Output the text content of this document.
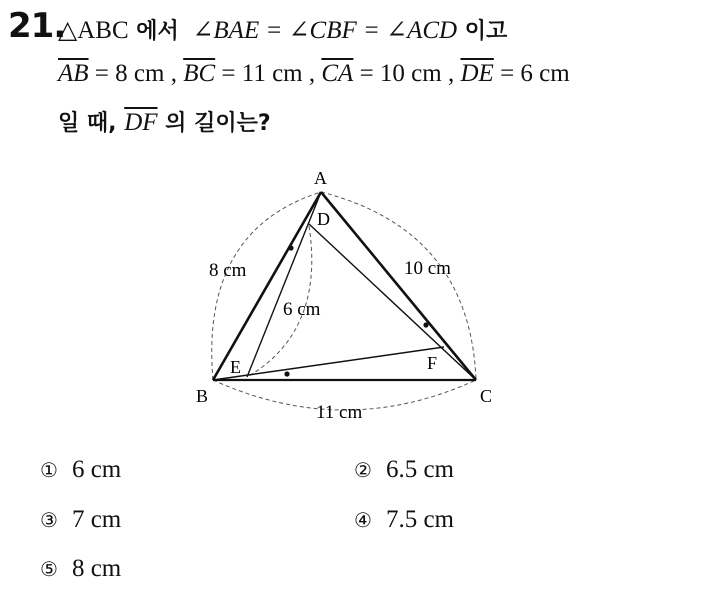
21.
△ABC 에서  ∠BAE = ∠CBF = ∠ACD 이고
$\overline{AB} = 8$ cm , $\overline{BC} = 11$ cm , $\overline{CA} = 10$ cm , $\overline{DE} = 6$ cm
일 때, $\overline{DF}$ 의 길이는?
A
B	C
D
E	F
8 cm	10 cm
6 cm
11 cm
① 6 cm	② 6.5 cm
③ 7 cm	④ 7.5 cm
⑤ 8 cm
